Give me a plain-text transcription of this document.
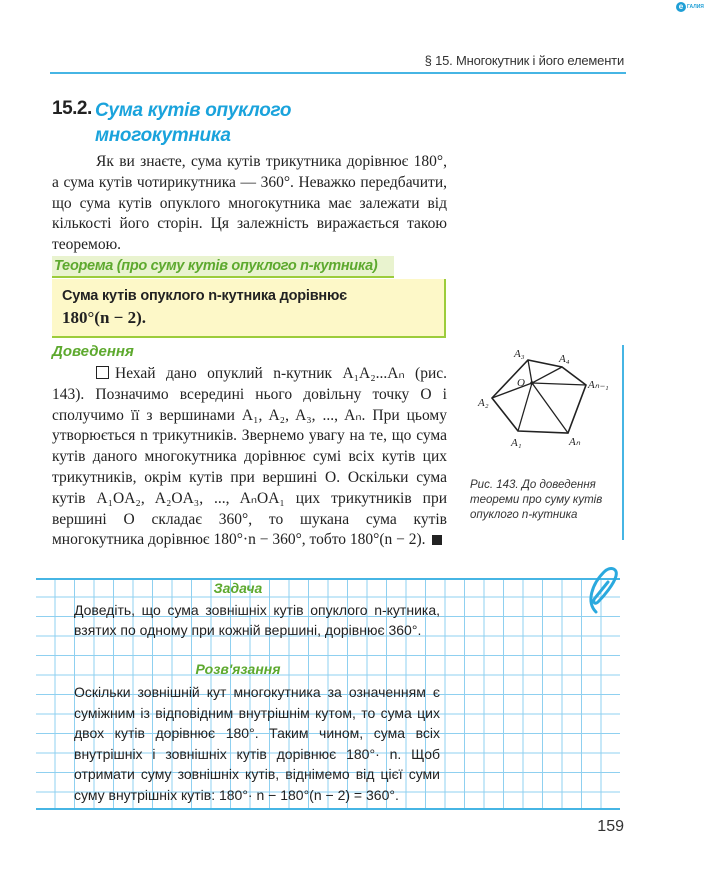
e ГАЛИЯ
§ 15. Многокутник і його елементи
15.2. Сума кутів опуклого
многокутника
Як ви знаєте, сума кутів трикутника дорівнює 180°, а сума кутів чотирикутника — 360°. Неважко передбачити, що сума кутів опуклого многокутника має залежати від кількості його сторін. Ця залежність виражається такою теоремою.
Теорема (про суму кутів опуклого n-кутника)
Сума кутів опуклого n-кутника дорівнює
180°(n − 2).
Доведення
Нехай дано опуклий n-кутник A₁A₂...Aₙ (рис. 143). Позначимо всередині нього довільну точку O і сполучимо її з вершинами A₁, A₂, A₃, ..., Aₙ. При цьому утворюється n трикутників. Звернемо увагу на те, що сума кутів даного многокутника дорівнює сумі всіх кутів цих трикутників, окрім кутів при вершині O. Оскільки сума кутів A₁OA₂, A₂OA₃, ..., AₙOA₁ цих трикутників при вершині O складає 360°, то шукана сума кутів многокутника дорівнює 180°·n − 360°, тобто 180°(n − 2).
A₁
A₂
A₃	A₄
Aₙ₋₁
Aₙ
O
Рис. 143. До доведення теореми про суму кутів опуклого n-кутника
Задача
Доведіть, що сума зовнішніх кутів опуклого n-кутника, взятих по одному при кожній вершині, дорівнює 360°.
Розв'язання
Оскільки зовнішній кут многокутника за означенням є суміжним із відповідним внутрішнім кутом, то сума цих двох кутів дорівнює 180°. Таким чином, сума всіх внутрішніх і зовнішніх кутів дорівнює 180°· n. Щоб отримати суму зовнішніх кутів, віднімемо від цієї суми суму внутрішніх кутів: 180°· n − 180°(n − 2) = 360°.
159
